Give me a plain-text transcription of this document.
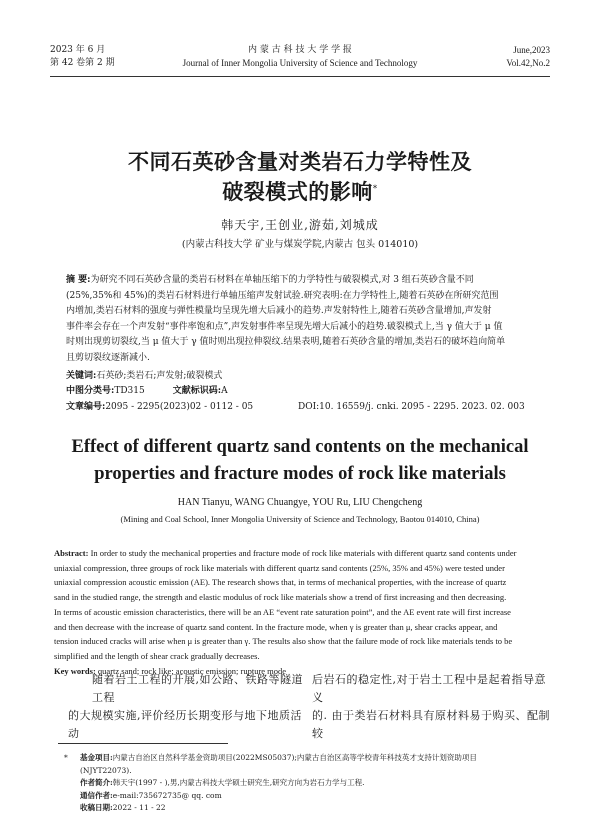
2023 年 6 月
第 42 卷第 2 期
内 蒙 古 科 技 大 学 学 报
Journal of Inner Mongolia University of Science and Technology
June,2023
Vol.42,No.2
不同石英砂含量对类岩石力学特性及
破裂模式的影响*
韩天宇,王创业,游茹,刘城成
(内蒙古科技大学 矿业与煤炭学院,内蒙古 包头 014010)
摘 要:为研究不同石英砂含量的类岩石材料在单轴压缩下的力学特性与破裂模式,对 3 组石英砂含量不同
(25%,35%和 45%)的类岩石材料进行单轴压缩声发射试验.研究表明:在力学特性上,随着石英砂在所研究范围
内增加,类岩石材料的强度与弹性模量均呈现先增大后减小的趋势.声发射特性上,随着石英砂含量增加,声发射
事件率会存在一个声发射“事件率饱和点”,声发射事件率呈现先增大后减小的趋势.破裂模式上,当 γ 值大于 μ 值
时则出现剪切裂纹,当 μ 值大于 γ 值时则出现拉伸裂纹.结果表明,随着石英砂含量的增加,类岩石的破坏趋向简单
且剪切裂纹逐渐减小.
关键词:石英砂;类岩石;声发射;破裂模式
中图分类号:TD315	文献标识码:A
文章编号:2095 - 2295(2023)02 - 0112 - 05	DOI:10. 16559/j. cnki. 2095 - 2295. 2023. 02. 003
Effect of different quartz sand contents on the mechanical
properties and fracture modes of rock like materials
HAN Tianyu, WANG Chuangye, YOU Ru, LIU Chengcheng
(Mining and Coal School, Inner Mongolia University of Science and Technology, Baotou 014010, China)
Abstract: In order to study the mechanical properties and fracture mode of rock like materials with different quartz sand contents under
uniaxial compression, three groups of rock like materials with different quartz sand contents (25%, 35% and 45%) were tested under
uniaxial compression acoustic emission (AE). The research shows that, in terms of mechanical properties, with the increase of quartz
sand in the studied range, the strength and elastic modulus of rock like materials show a trend of first increasing and then decreasing.
In terms of acoustic emission characteristics, there will be an AE “event rate saturation point”, and the AE event rate will first increase
and then decrease with the increase of quartz sand content. In the fracture mode, when γ is greater than μ, shear cracks appear, and
tension induced cracks will arise when μ is greater than γ. The results also show that the failure mode of rock like materials tends to be
simplified and the length of shear crack gradually decreases.
Key words: quartz sand; rock like; acoustic emission; rupture mode
随着岩土工程的开展,如公路、铁路等隧道工程
的大规模实施,评价经历长期变形与地下地质活动
后岩石的稳定性,对于岩土工程中是起着指导意义
的. 由于类岩石材料具有原材料易于购买、配制较
* 基金项目:内蒙古自治区自然科学基金资助项目(2022MS05037);内蒙古自治区高等学校青年科技英才支持计划资助项目
(NJYT22073).
作者简介:韩天宇(1997 - ),男,内蒙古科技大学硕士研究生,研究方向为岩石力学与工程.
通信作者:e-mail:735672735@ qq. com
收稿日期:2022 - 11 - 22
